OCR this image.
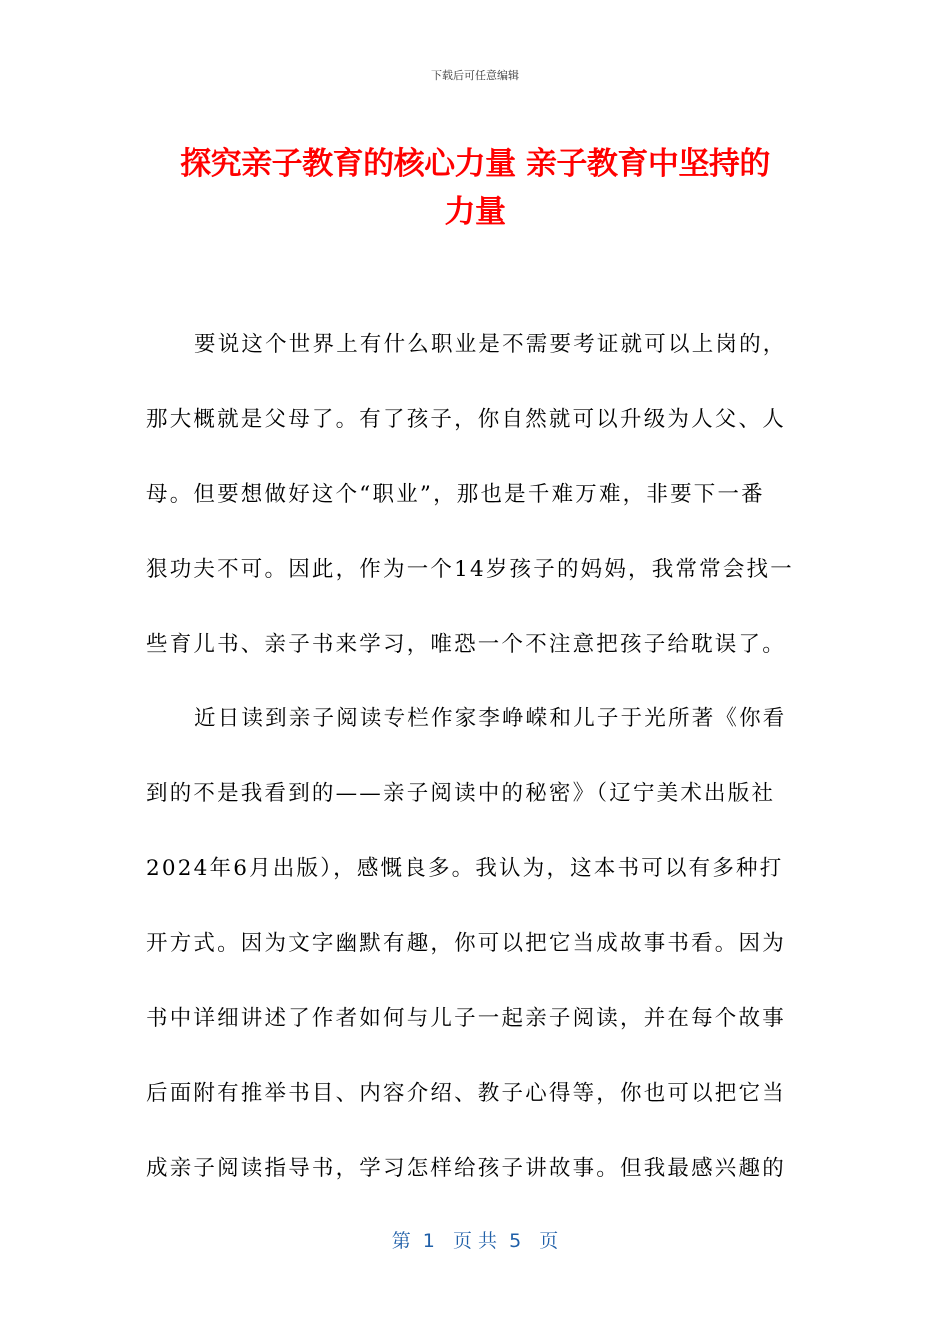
下载后可任意编辑
探究亲子教育的核心力量 亲子教育中坚持的
力量
要说这个世界上有什么职业是不需要考证就可以上岗的，
那大概就是父母了。有了孩子，你自然就可以升级为人父、人
母。但要想做好这个“职业”，那也是千难万难，非要下一番
狠功夫不可。因此，作为一个14岁孩子的妈妈，我常常会找一
些育儿书、亲子书来学习，唯恐一个不注意把孩子给耽误了。
近日读到亲子阅读专栏作家李峥嵘和儿子于光所著《你看
到的不是我看到的——亲子阅读中的秘密》（辽宁美术出版社
2024年6月出版），感慨良多。我认为，这本书可以有多种打
开方式。因为文字幽默有趣，你可以把它当成故事书看。因为
书中详细讲述了作者如何与儿子一起亲子阅读，并在每个故事
后面附有推举书目、内容介绍、教子心得等，你也可以把它当
成亲子阅读指导书，学习怎样给孩子讲故事。但我最感兴趣的
第  1   页 共  5   页
